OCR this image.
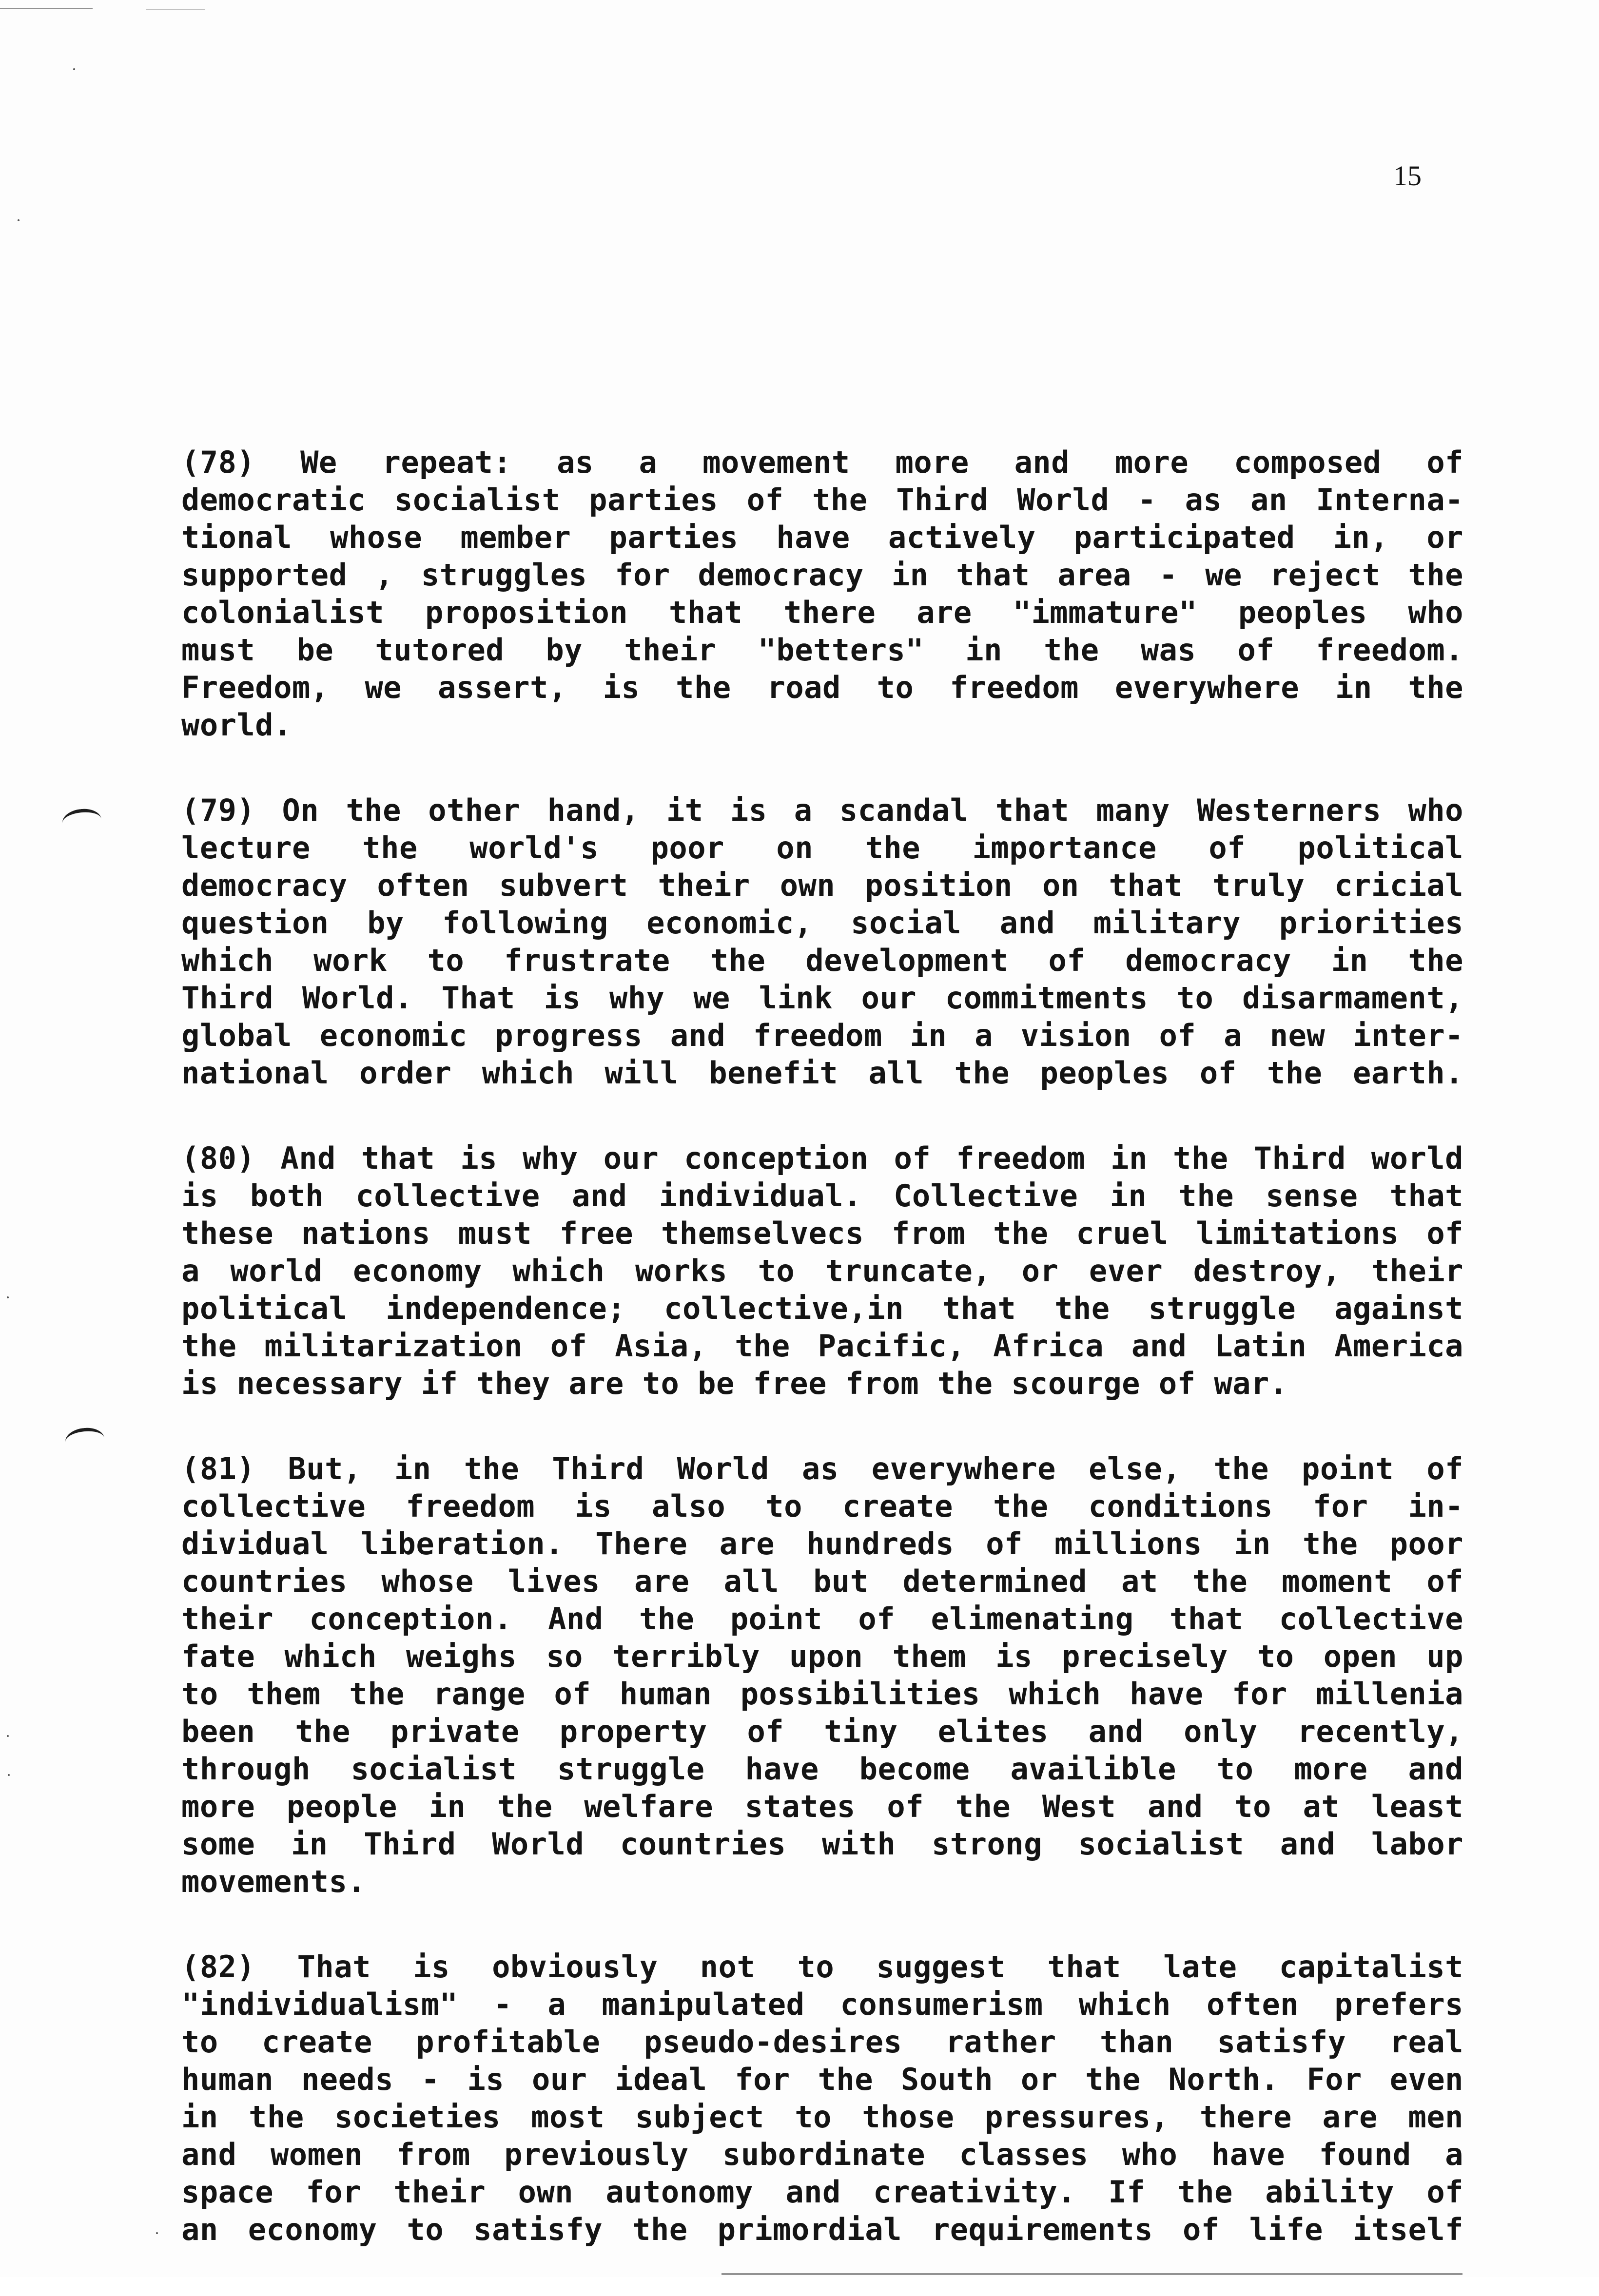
15
(78) We repeat: as a movement more and more composed of
democratic socialist parties of the Third World - as an Interna-
tional whose member parties have actively participated in, or
supported , struggles for democracy in that area - we reject the
colonialist proposition that there are "immature" peoples who
must be tutored by their "betters" in the was of freedom.
Freedom, we assert, is the road to freedom everywhere in the
world.
(79) On the other hand, it is a scandal that many Westerners who
lecture the world's poor on the importance of political
democracy often subvert their own position on that truly cricial
question by following economic, social and military priorities
which work to frustrate the development of democracy in the
Third World. That is why we link our commitments to disarmament,
global economic progress and freedom in a vision of a new inter-
national order which will benefit all the peoples of the earth.
(80) And that is why our conception of freedom in the Third world
is both collective and individual. Collective in the sense that
these nations must free themselvecs from the cruel limitations of
a world economy which works to truncate, or ever destroy, their
political independence; collective,in that the struggle against
the militarization of Asia, the Pacific, Africa and Latin America
is necessary if they are to be free from the scourge of war.
(81) But, in the Third World as everywhere else, the point of
collective freedom is also to create the conditions for in-
dividual liberation. There are hundreds of millions in the poor
countries whose lives are all but determined at the moment of
their conception. And the point of elimenating that collective
fate which weighs so terribly upon them is precisely to open up
to them the range of human possibilities which have for millenia
been the private property of tiny elites and only recently,
through socialist struggle have become availible to more and
more people in the welfare states of the West and to at least
some in Third World countries with strong socialist and labor
movements.
(82) That is obviously not to suggest that late capitalist
"individualism" - a manipulated consumerism which often prefers
to create profitable pseudo-desires rather than satisfy real
human needs - is our ideal for the South or the North. For even
in the societies most subject to those pressures, there are men
and women from previously subordinate classes who have found a
space for their own autonomy and creativity. If the ability of
an economy to satisfy the primordial requirements of life itself
